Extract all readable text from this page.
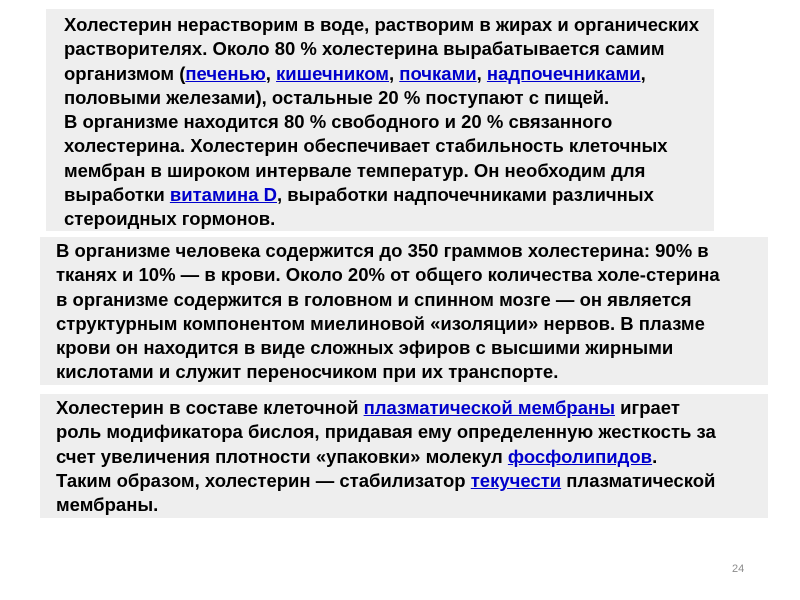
Холестерин нерастворим в воде, растворим в жирах и органических
растворителях. Около 80 % холестерина вырабатывается самим
организмом (печенью, кишечником, почками, надпочечниками,
половыми железами), остальные 20 % поступают с пищей.

В организме находится 80 % свободного и 20 % связанного
холестерина. Холестерин обеспечивает стабильность клеточных
мембран в широком интервале температур. Он необходим для
выработки витамина D, выработки надпочечниками различных
стероидных гормонов.

В организме человека содержится до 350 граммов холестерина: 90% в
тканях и 10% — в крови. Около 20% от общего количества холе-стерина
в организме содержится в головном и спинном мозге — он является
структурным компонентом миелиновой «изоляции» нервов. В плазме
крови он находится в виде сложных эфиров с высшими жирными
кислотами и служит переносчиком при их транспорте.

Холестерин в составе клеточной плазматической мембраны играет
роль модификатора бислоя, придавая ему определенную жесткость за
счет увеличения плотности «упаковки» молекул фосфолипидов.

Таким образом, холестерин — стабилизатор текучести плазматической
мембраны.

24
